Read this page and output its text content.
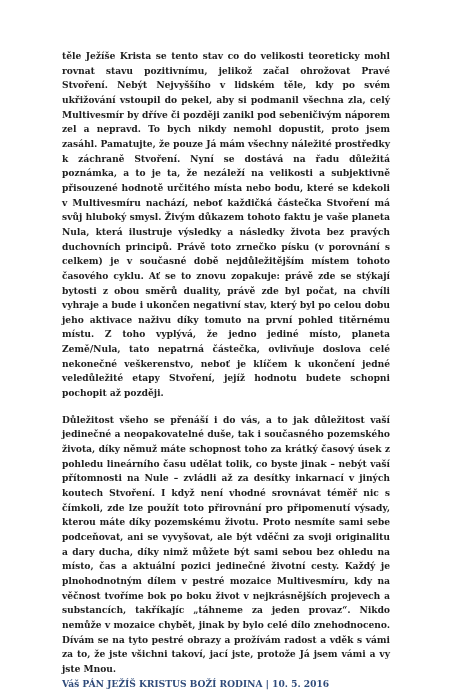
těle Ježíše Krista se tento stav co do velikosti teoreticky mohl rovnat stavu pozitivnímu, jelikož začal ohrožovat Pravé Stvoření. Nebýt Nejvyššího v lidském těle, kdy po svém ukřižování vstoupil do pekel, aby si podmanil všechna zla, celý Multivesmír by dříve či později zanikl pod sebeničivým náporem zel a nepravd. To bych nikdy nemohl dopustit, proto jsem zasáhl. Pamatujte, že pouze Já mám všechny náležité prostředky k záchraně Stvoření. Nyní se dostává na řadu důležitá poznámka, a to je ta, že nezáleží na velikosti a subjektivně přisouzené hodnotě určitého místa nebo bodu, které se kdekoli v Multivesmíru nachází, neboť každičká částečka Stvoření má svůj hluboký smysl. Živým důkazem tohoto faktu je vaše planeta Nula, která ilustruje výsledky a následky života bez pravých duchovních principů. Právě toto zrnečko písku (v porovnání s celkem) je v současné době nejdůležitějším místem tohoto časového cyklu. Ať se to znovu zopakuje: právě zde se stýkají bytosti z obou směrů duality, právě zde byl počat, na chvíli vyhraje a bude i ukončen negativní stav, který byl po celou dobu jeho aktivace naživu díky tomuto na první pohled titěrnému místu. Z toho vyplývá, že jedno jediné místo, planeta Země/Nula, tato nepatrná částečka, ovlivňuje doslova celé nekonečné veškerenstvo, neboť je klíčem k ukončení jedné veledůležité etapy Stvoření, jejíž hodnotu budete schopni pochopit až později.

Důležitost všeho se přenáší i do vás, a to jak důležitost vaší jedinečné a neopakovatelné duše, tak i současného pozemského života, díky němuž máte schopnost toho za krátký časový úsek z pohledu lineárního času udělat tolik, co byste jinak – nebýt vaší přítomnosti na Nule – zvládli až za desítky inkarnací v jiných koutech Stvoření. I když není vhodné srovnávat téměř nic s čímkoli, zde lze použít toto přirovnání pro připomenutí výsady, kterou máte díky pozemskému životu. Proto nesmíte sami sebe podceňovat, ani se vyvyšovat, ale být vděčni za svoji originalitu a dary ducha, díky nimž můžete být sami sebou bez ohledu na místo, čas a aktuální pozici jedinečné životní cesty. Každý je plnohodnotným dílem v pestré mozaice Multivesmíru, kdy na věčnost tvoříme bok po boku život v nejkrásnějších projevech a substancích, takříkajíc „táhneme za jeden provaz“. Nikdo nemůže v mozaice chybět, jinak by bylo celé dílo znehodnoceno. Dívám se na tyto pestré obrazy a prožívám radost a vděk s vámi za to, že jste všichni takoví, jací jste, protože Já jsem vámi a vy jste Mnou.

Váš PÁN JEŽÍŠ KRISTUS BOŽÍ RODINA | 10. 5. 2016
